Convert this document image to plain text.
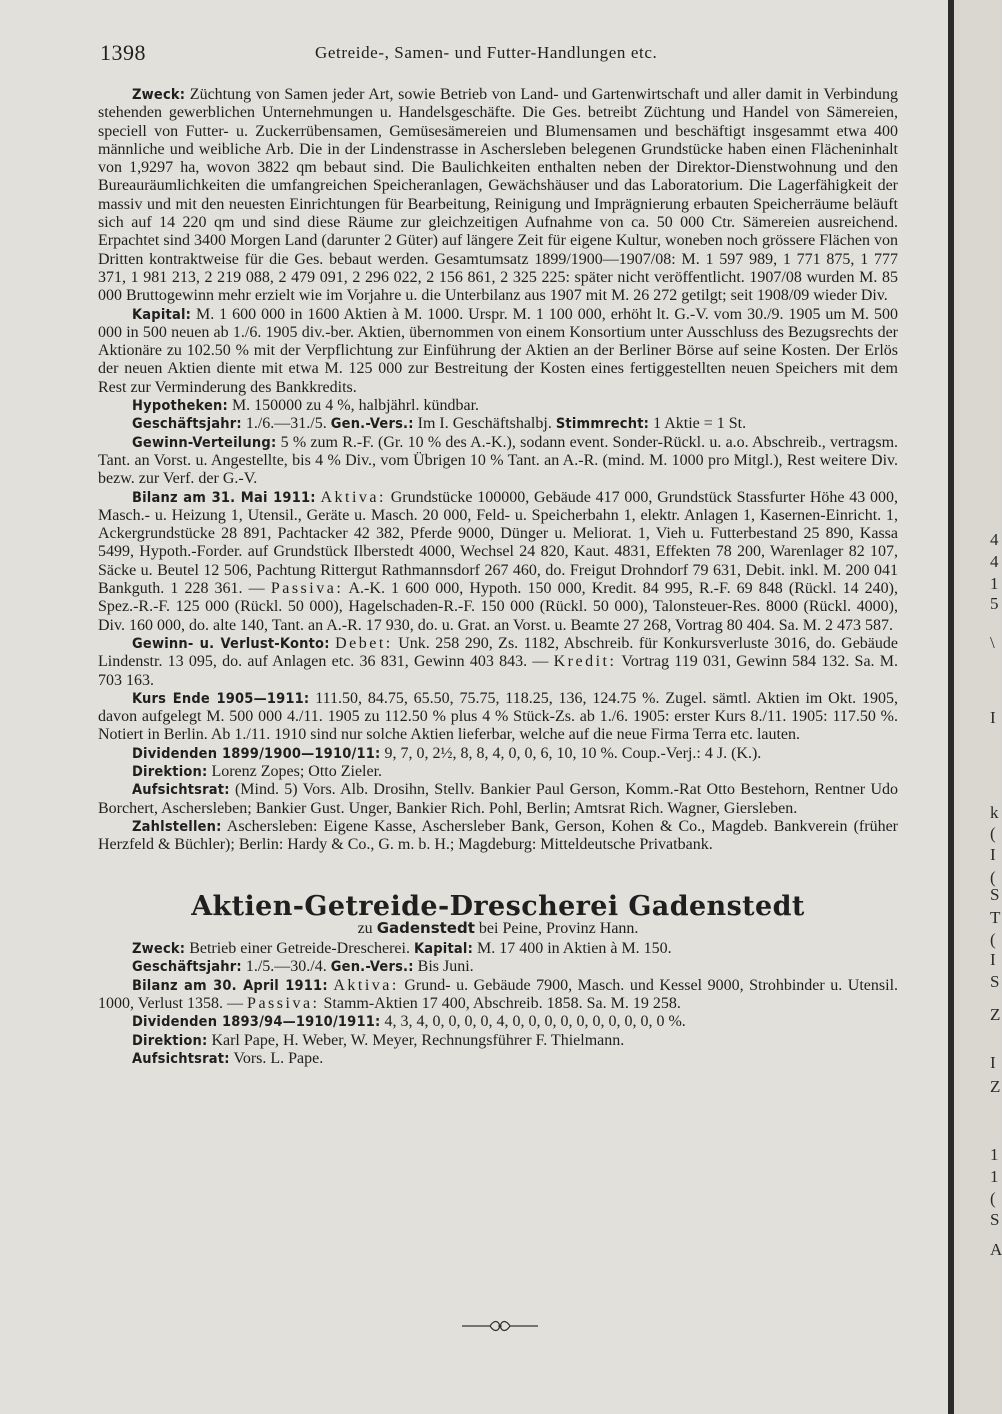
1398	Getreide-, Samen- und Futter-Handlungen etc.

Zweck: Züchtung von Samen jeder Art, sowie Betrieb von Land- und Gartenwirtschaft und aller damit in Verbindung stehenden gewerblichen Unternehmungen u. Handelsgeschäfte. Die Ges. betreibt Züchtung und Handel von Sämereien, speciell von Futter- u. Zuckerrübensamen, Gemüsesämereien und Blumensamen und beschäftigt insgesammt etwa 400 männliche und weibliche Arb. Die in der Lindenstrasse in Aschersleben belegenen Grundstücke haben einen Flächeninhalt von 1,9297 ha, wovon 3822 qm bebaut sind. Die Baulichkeiten enthalten neben der Direktor-Dienstwohnung und den Bureauräumlichkeiten die umfangreichen Speicheranlagen, Gewächshäuser und das Laboratorium. Die Lagerfähigkeit der massiv und mit den neuesten Einrichtungen für Bearbeitung, Reinigung und Imprägnierung erbauten Speicherräume beläuft sich auf 14 220 qm und sind diese Räume zur gleichzeitigen Aufnahme von ca. 50 000 Ctr. Sämereien ausreichend. Erpachtet sind 3400 Morgen Land (darunter 2 Güter) auf längere Zeit für eigene Kultur, woneben noch grössere Flächen von Dritten kontraktweise für die Ges. bebaut werden. Gesamtumsatz 1899/1900—1907/08: M. 1 597 989, 1 771 875, 1 777 371, 1 981 213, 2 219 088, 2 479 091, 2 296 022, 2 156 861, 2 325 225: später nicht veröffentlicht. 1907/08 wurden M. 85 000 Bruttogewinn mehr erzielt wie im Vorjahre u. die Unterbilanz aus 1907 mit M. 26 272 getilgt; seit 1908/09 wieder Div.

Kapital: M. 1 600 000 in 1600 Aktien à M. 1000. Urspr. M. 1 100 000, erhöht lt. G.-V. vom 30./9. 1905 um M. 500 000 in 500 neuen ab 1./6. 1905 div.-ber. Aktien, übernommen von einem Konsortium unter Ausschluss des Bezugsrechts der Aktionäre zu 102.50 % mit der Verpflichtung zur Einführung der Aktien an der Berliner Börse auf seine Kosten. Der Erlös der neuen Aktien diente mit etwa M. 125 000 zur Bestreitung der Kosten eines fertiggestellten neuen Speichers mit dem Rest zur Verminderung des Bankkredits.

Hypotheken: M. 150000 zu 4 %, halbjährl. kündbar.

Geschäftsjahr: 1./6.—31./5. Gen.-Vers.: Im I. Geschäftshalbj. Stimmrecht: 1 Aktie = 1 St.

Gewinn-Verteilung: 5 % zum R.-F. (Gr. 10 % des A.-K.), sodann event. Sonder-Rückl. u. a.o. Abschreib., vertragsm. Tant. an Vorst. u. Angestellte, bis 4 % Div., vom Übrigen 10 % Tant. an A.-R. (mind. M. 1000 pro Mitgl.), Rest weitere Div. bezw. zur Verf. der G.-V.

Bilanz am 31. Mai 1911: Aktiva: Grundstücke 100000, Gebäude 417 000, Grundstück Stassfurter Höhe 43 000, Masch.- u. Heizung 1, Utensil., Geräte u. Masch. 20 000, Feld- u. Speicherbahn 1, elektr. Anlagen 1, Kasernen-Einricht. 1, Ackergrundstücke 28 891, Pachtacker 42 382, Pferde 9000, Dünger u. Meliorat. 1, Vieh u. Futterbestand 25 890, Kassa 5499, Hypoth.-Forder. auf Grundstück Ilberstedt 4000, Wechsel 24 820, Kaut. 4831, Effekten 78 200, Warenlager 82 107, Säcke u. Beutel 12 506, Pachtung Rittergut Rathmannsdorf 267 460, do. Freigut Drohndorf 79 631, Debit. inkl. M. 200 041 Bankguth. 1 228 361. — Passiva: A.-K. 1 600 000, Hypoth. 150 000, Kredit. 84 995, R.-F. 69 848 (Rückl. 14 240), Spez.-R.-F. 125 000 (Rückl. 50 000), Hagelschaden-R.-F. 150 000 (Rückl. 50 000), Talonsteuer-Res. 8000 (Rückl. 4000), Div. 160 000, do. alte 140, Tant. an A.-R. 17 930, do. u. Grat. an Vorst. u. Beamte 27 268, Vortrag 80 404. Sa. M. 2 473 587.

Gewinn- u. Verlust-Konto: Debet: Unk. 258 290, Zs. 1182, Abschreib. für Konkursverluste 3016, do. Gebäude Lindenstr. 13 095, do. auf Anlagen etc. 36 831, Gewinn 403 843. — Kredit: Vortrag 119 031, Gewinn 584 132. Sa. M. 703 163.

Kurs Ende 1905—1911: 111.50, 84.75, 65.50, 75.75, 118.25, 136, 124.75 %. Zugel. sämtl. Aktien im Okt. 1905, davon aufgelegt M. 500 000 4./11. 1905 zu 112.50 % plus 4 % Stück-Zs. ab 1./6. 1905: erster Kurs 8./11. 1905: 117.50 %. Notiert in Berlin. Ab 1./11. 1910 sind nur solche Aktien lieferbar, welche auf die neue Firma Terra etc. lauten.

Dividenden 1899/1900—1910/11: 9, 7, 0, 2½, 8, 8, 4, 0, 0, 6, 10, 10 %. Coup.-Verj.: 4 J. (K.).

Direktion: Lorenz Zopes; Otto Zieler.

Aufsichtsrat: (Mind. 5) Vors. Alb. Drosihn, Stellv. Bankier Paul Gerson, Komm.-Rat Otto Bestehorn, Rentner Udo Borchert, Aschersleben; Bankier Gust. Unger, Bankier Rich. Pohl, Berlin; Amtsrat Rich. Wagner, Giersleben.

Zahlstellen: Aschersleben: Eigene Kasse, Aschersleber Bank, Gerson, Kohen & Co., Magdeb. Bankverein (früher Herzfeld & Büchler); Berlin: Hardy & Co., G. m. b. H.; Magdeburg: Mitteldeutsche Privatbank.

Aktien-Getreide-Drescherei Gadenstedt

zu Gadenstedt bei Peine, Provinz Hann.

Zweck: Betrieb einer Getreide-Drescherei. Kapital: M. 17 400 in Aktien à M. 150.

Geschäftsjahr: 1./5.—30./4. Gen.-Vers.: Bis Juni.

Bilanz am 30. April 1911: Aktiva: Grund- u. Gebäude 7900, Masch. und Kessel 9000, Strohbinder u. Utensil. 1000, Verlust 1358. — Passiva: Stamm-Aktien 17 400, Abschreib. 1858. Sa. M. 19 258.

Dividenden 1893/94—1910/1911: 4, 3, 4, 0, 0, 0, 0, 4, 0, 0, 0, 0, 0, 0, 0, 0, 0, 0 %.

Direktion: Karl Pape, H. Weber, W. Meyer, Rechnungsführer F. Thielmann.

Aufsichtsrat: Vors. L. Pape.

4
4
1
5
\
I
k
(
I
(
S
T
(
I
S
Z
I
Z
1
1
(
S
A
